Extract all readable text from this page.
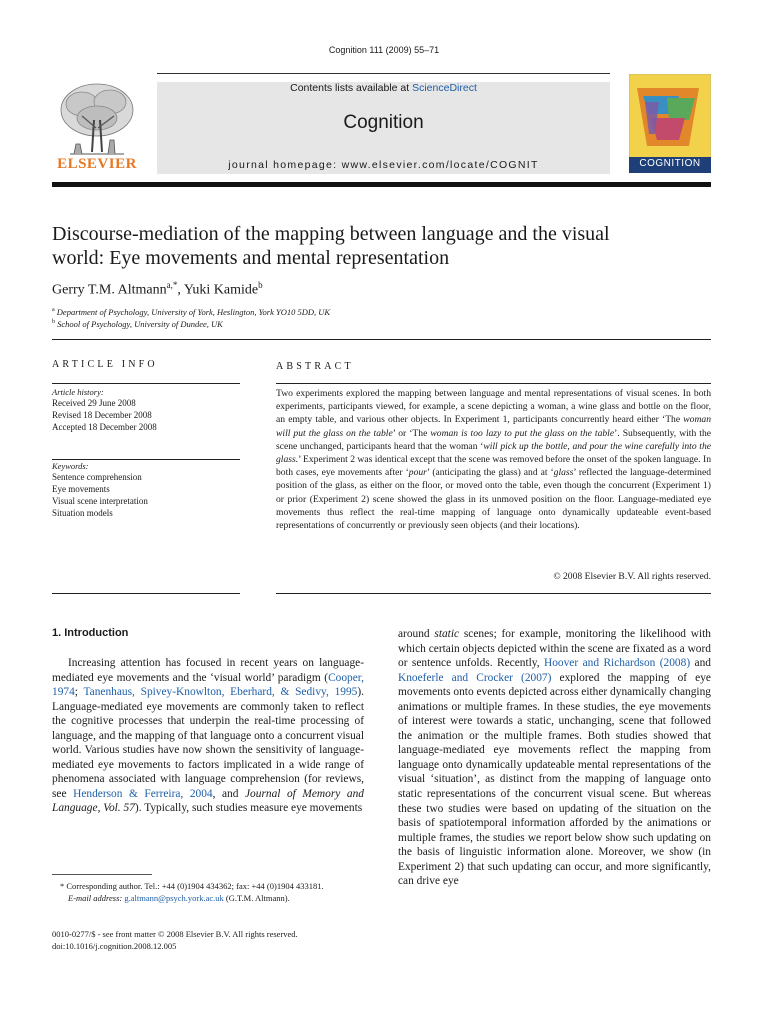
Cognition 111 (2009) 55–71
ELSEVIER
Contents lists available at ScienceDirect
Cognition
journal homepage: www.elsevier.com/locate/COGNIT	COGNITION
Discourse-mediation of the mapping between language and the visual
world: Eye movements and mental representation
Gerry T.M. Altmann$^{a,*}$, Yuki Kamide$^b$
$^a$ Department of Psychology, University of York, Heslington, York YO10 5DD, UK
$^b$ School of Psychology, University of Dundee, UK
ARTICLE INFO
Article history:
Received 29 June 2008
Revised 18 December 2008
Accepted 18 December 2008
Keywords:
Sentence comprehension
Eye movements
Visual scene interpretation
Situation models
ABSTRACT
Two experiments explored the mapping between language and mental representations of visual scenes. In both experiments, participants viewed, for example, a scene depicting a woman, a wine glass and bottle on the floor, an empty table, and various other objects. In Experiment 1, participants concurrently heard either ‘The woman will put the glass on the table’ or ‘The woman is too lazy to put the glass on the table’. Subsequently, with the scene unchanged, participants heard that the woman ‘will pick up the bottle, and pour the wine carefully into the glass.’ Experiment 2 was identical except that the scene was removed before the onset of the spoken language. In both cases, eye movements after ‘pour’ (anticipating the glass) and at ‘glass’ reflected the language-determined position of the glass, as either on the floor, or moved onto the table, even though the concurrent (Experiment 1) or prior (Experiment 2) scene showed the glass in its unmoved position on the floor. Language-mediated eye movements thus reflect the real-time mapping of language onto dynamically updateable event-based representations of concurrently or previously seen objects (and their locations).
© 2008 Elsevier B.V. All rights reserved.
1. Introduction

Increasing attention has focused in recent years on language-mediated eye movements and the ‘visual world’ paradigm (Cooper, 1974; Tanenhaus, Spivey-Knowlton, Eberhard, & Sedivy, 1995). Language-mediated eye movements are commonly taken to reflect the cognitive processes that underpin the real-time processing of language, and the mapping of that language onto a concurrent visual world. Various studies have now shown the sensitivity of language-mediated eye movements to factors implicated in a wide range of phenomena associated with language comprehension (for reviews, see Henderson & Ferreira, 2004, and Journal of Memory and Language, Vol. 57). Typically, such studies measure eye movements

around static scenes; for example, monitoring the likelihood with which certain objects depicted within the scene are fixated as a word or sentence unfolds. Recently, Hoover and Richardson (2008) and Knoeferle and Crocker (2007) explored the mapping of eye movements onto events depicted across either dynamically changing animations or multiple frames. In these studies, the eye movements of interest were towards a static, unchanging, scene that followed the animation or the multiple frames. Both studies showed that language-mediated eye movements reflect the mapping from language onto dynamically updateable mental representations of the visual ‘situation’, as distinct from the mapping of language onto static representations of the concurrent visual scene. But whereas these two studies were based on updating of the situation on the basis of spatiotemporal information afforded by the animations or multiple frames, the studies we report below show such updating on the basis of linguistic information alone. Moreover, we show (in Experiment 2) that such updating can occur, and more significantly, can drive eye

* Corresponding author. Tel.: +44 (0)1904 434362; fax: +44 (0)1904 433181.
E-mail address: g.altmann@psych.york.ac.uk (G.T.M. Altmann).
0010-0277/$ - see front matter © 2008 Elsevier B.V. All rights reserved.
doi:10.1016/j.cognition.2008.12.005
